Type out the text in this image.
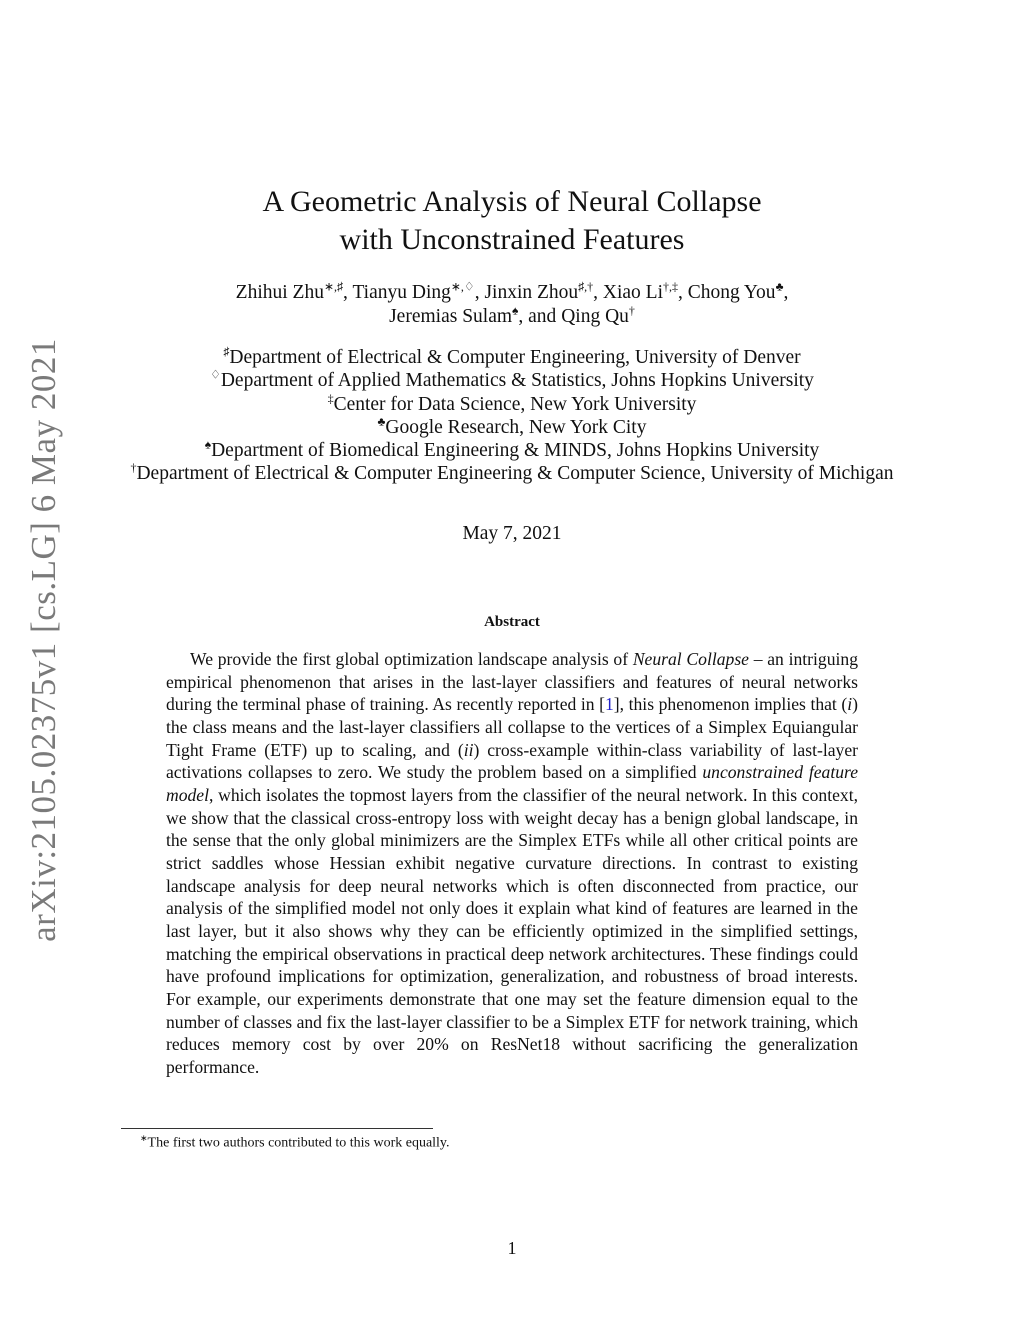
arXiv:2105.02375v1 [cs.LG] 6 May 2021
A Geometric Analysis of Neural Collapse
with Unconstrained Features
Zhihui Zhu∗,♯, Tianyu Ding∗,♢, Jinxin Zhou♯,†, Xiao Li†,‡, Chong You♣,
Jeremias Sulam♠, and Qing Qu†
♯Department of Electrical & Computer Engineering, University of Denver
♢Department of Applied Mathematics & Statistics, Johns Hopkins University
‡Center for Data Science, New York University
♣Google Research, New York City
♠Department of Biomedical Engineering & MINDS, Johns Hopkins University
†Department of Electrical & Computer Engineering & Computer Science, University of Michigan
May 7, 2021
Abstract

We provide the first global optimization landscape analysis of Neural Collapse – an intriguing empirical phenomenon that arises in the last-layer classifiers and features of neural networks during the terminal phase of training. As recently reported in [1], this phenomenon implies that (i) the class means and the last-layer classifiers all collapse to the vertices of a Simplex Equiangular Tight Frame (ETF) up to scaling, and (ii) cross-example within-class variability of last-layer activations collapses to zero. We study the problem based on a simplified unconstrained feature model, which isolates the topmost layers from the classifier of the neural network. In this context, we show that the classical cross-entropy loss with weight decay has a benign global landscape, in the sense that the only global minimizers are the Simplex ETFs while all other critical points are strict saddles whose Hessian exhibit negative curvature directions. In contrast to existing landscape analysis for deep neural networks which is often disconnected from practice, our analysis of the simplified model not only does it explain what kind of features are learned in the last layer, but it also shows why they can be efficiently optimized in the simplified settings, matching the empirical observations in practical deep network architectures. These findings could have profound implications for optimization, generalization, and robustness of broad interests. For example, our experiments demonstrate that one may set the feature dimension equal to the number of classes and fix the last-layer classifier to be a Simplex ETF for network training, which reduces memory cost by over 20% on ResNet18 without sacrificing the generalization performance.

∗The first two authors contributed to this work equally.
1
